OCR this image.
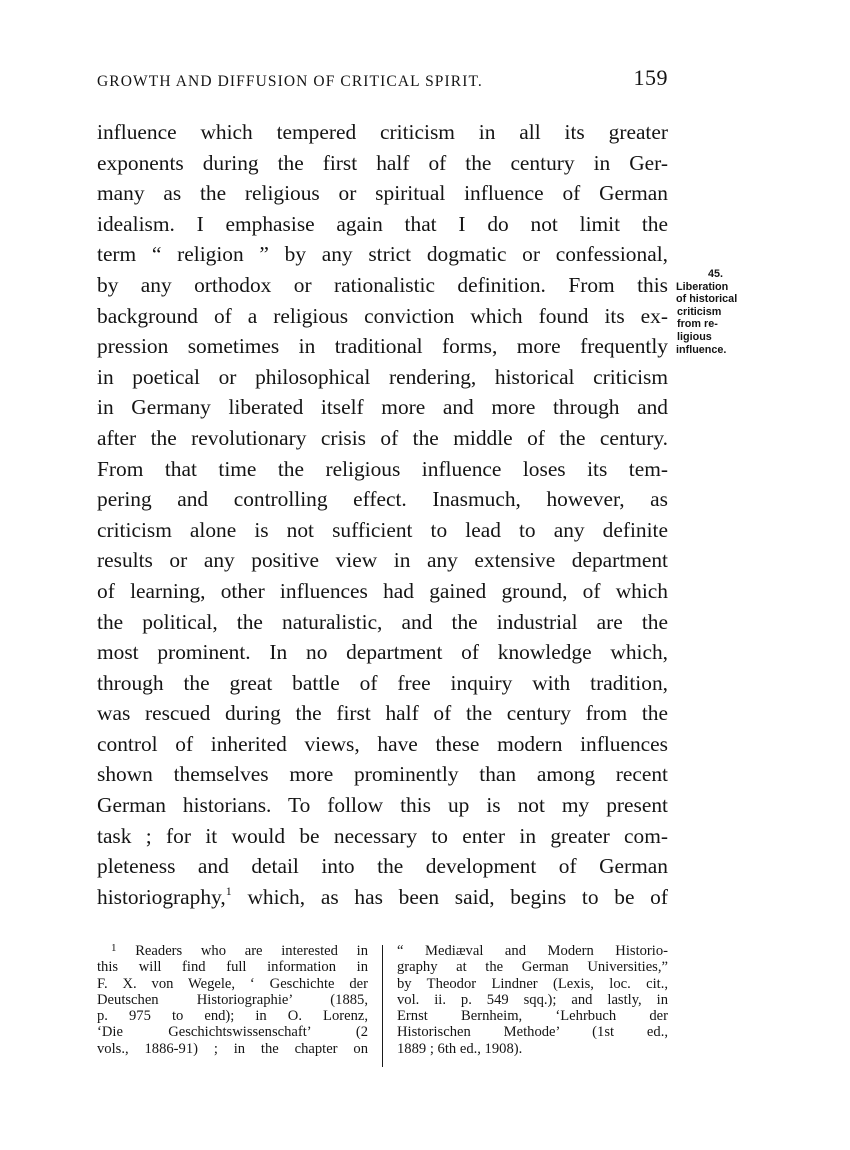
GROWTH AND DIFFUSION OF CRITICAL SPIRIT.	159
influence which tempered criticism in all its greater
exponents during the first half of the century in Ger-
many as the religious or spiritual influence of German
idealism. I emphasise again that I do not limit the
term “ religion ” by any strict dogmatic or confessional,
by any orthodox or rationalistic definition. From this
background of a religious conviction which found its ex-
pression sometimes in traditional forms, more frequently
in poetical or philosophical rendering, historical criticism
in Germany liberated itself more and more through and
after the revolutionary crisis of the middle of the century.
From that time the religious influence loses its tem-
pering and controlling effect. Inasmuch, however, as
criticism alone is not sufficient to lead to any definite
results or any positive view in any extensive department
of learning, other influences had gained ground, of which
the political, the naturalistic, and the industrial are the
most prominent. In no department of knowledge which,
through the great battle of free inquiry with tradition,
was rescued during the first half of the century from the
control of inherited views, have these modern influences
shown themselves more prominently than among recent
German historians. To follow this up is not my present
task ; for it would be necessary to enter in greater com-
pleteness and detail into the development of German
historiography,$^1$ which, as has been said, begins to be of
45.
Liberation
of historical
criticism
from re-
ligious
influence.
$^1$ Readers who are interested in
this will find full information in
F. X. von Wegele, ‘ Geschichte der
Deutschen Historiographie’ (1885,
p. 975 to end); in O. Lorenz,
‘Die Geschichtswissenschaft’ (2
vols., 1886-91) ; in the chapter on
“ Mediæval and Modern Historio-
graphy at the German Universities,”
by Theodor Lindner (Lexis, loc. cit.,
vol. ii. p. 549 sqq.); and lastly, in
Ernst Bernheim, ‘Lehrbuch der
Historischen Methode’ (1st ed.,
1889 ; 6th ed., 1908).
